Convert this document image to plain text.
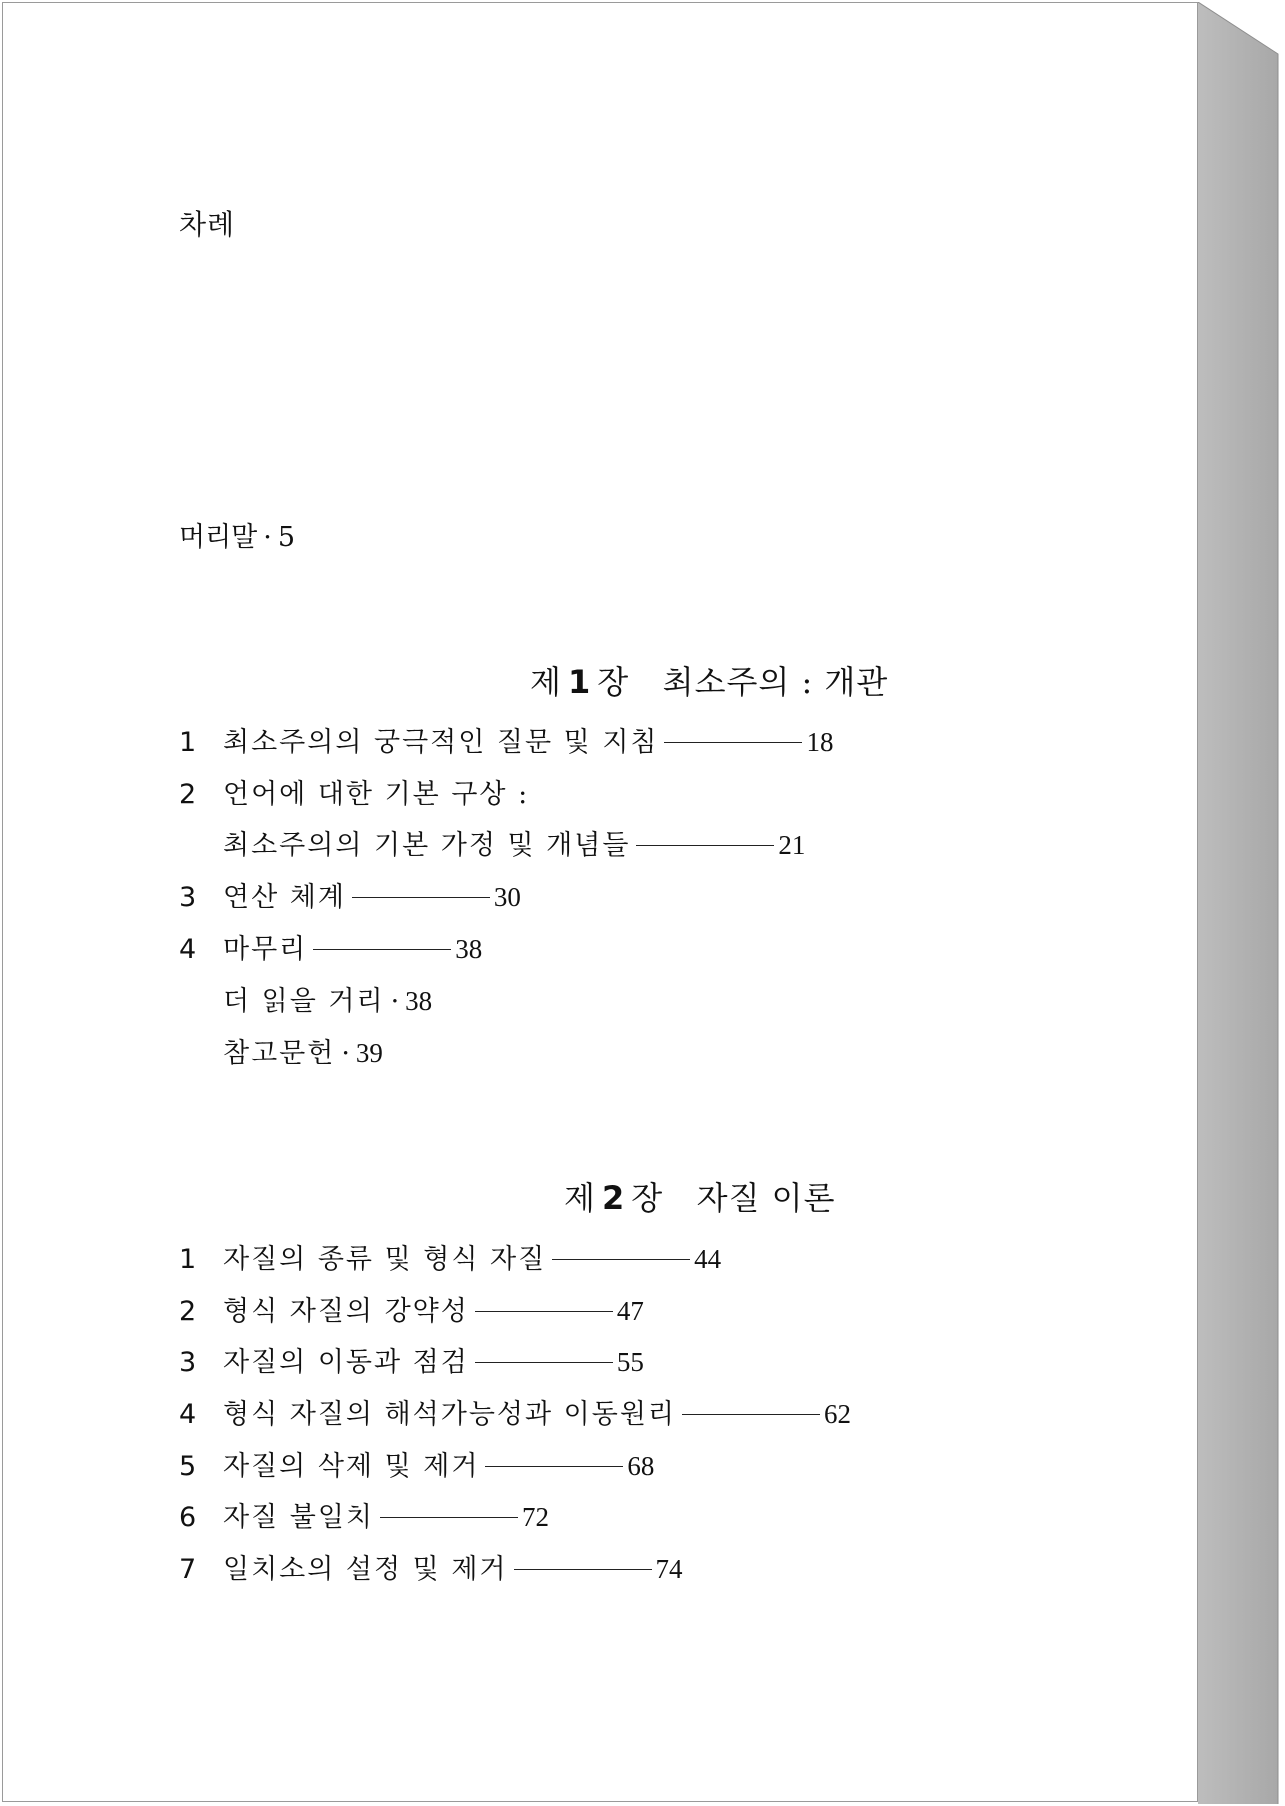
차례
머리말 · 5

제 1 장 최소주의 : 개관

1 최소주의의 궁극적인 질문 및 지침	18
2 언어에 대한 기본 구상 :
최소주의의 기본 가정 및 개념들	21
3 연산 체계	30
4 마무리	38
더 읽을 거리 · 38
참고문헌 · 39

제 2 장 자질 이론

1 자질의 종류 및 형식 자질	44
2 형식 자질의 강약성	47
3 자질의 이동과 점검	55
4 형식 자질의 해석가능성과 이동원리	62
5 자질의 삭제 및 제거	68
6 자질 불일치	72
7 일치소의 설정 및 제거	74
